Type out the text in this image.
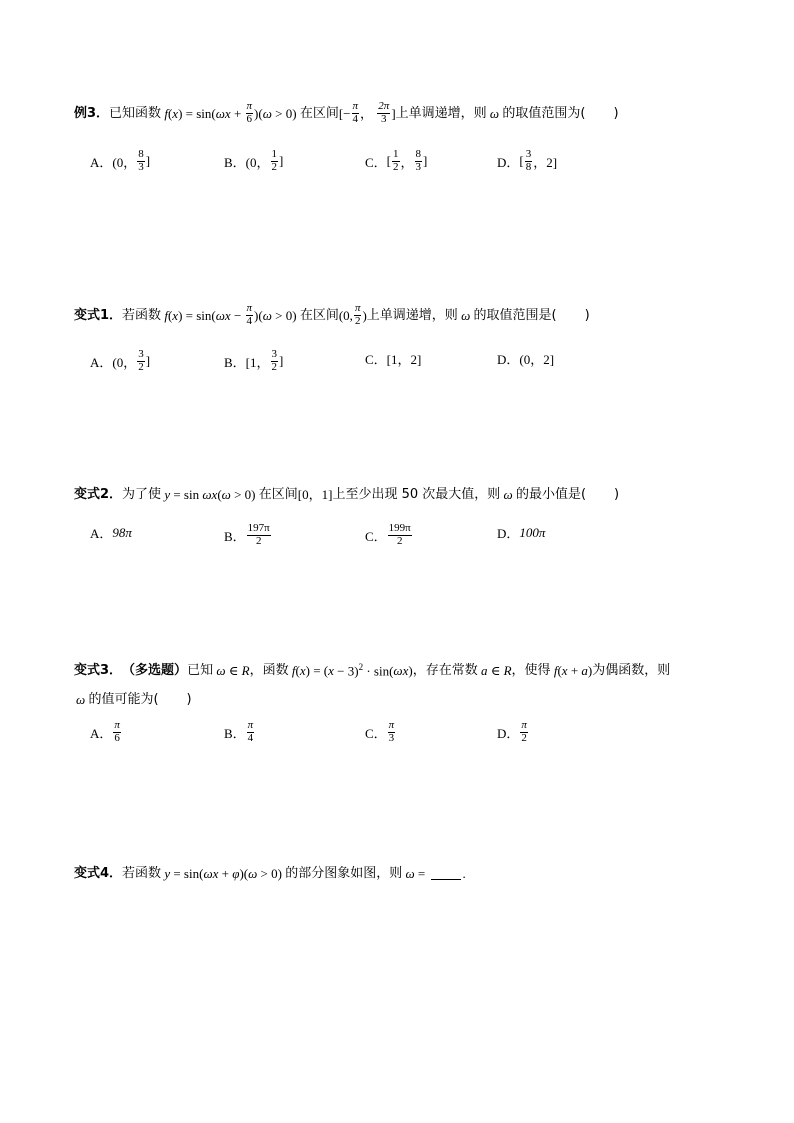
例3． 已知函数 f ( x ) = sin( $\omega x + \frac{\pi}{6}$ )( ω > 0) 在区间 [− $\frac{\pi}{4}$ ， $\frac{2\pi}{3}$ ] 上单调递增，则 ω 的取值范围为( )
A． (0， $\frac{8}{3}$ ]	B． (0， $\frac{1}{2}$ ]	C． [ $\frac{1}{2}$ ， $\frac{8}{3}$ ]	D． [ $\frac{3}{8}$ ，2]
变式1． 若函数 f ( x ) = sin( $\omega x - \frac{\pi}{4}$ )( ω > 0) 在区间 (0, $\frac{\pi}{2}$ ) 上单调递增，则 ω 的取值范围是( )
A． (0， $\frac{3}{2}$ ]	B． [1， $\frac{3}{2}$ ]	C． [1，2]	D． (0，2]
变式2． 为了使 y = sin ωx ( ω > 0) 在区间 [0，1] 上至少出现 50 次最大值，则 ω 的最小值是( )
A． 98π	B． $\frac{197\pi}{2}$	C． $\frac{199\pi}{2}$	D． 100π
变式3． （多选题） 已知 ω ∈ R ，函数 f ( x ) = ( x − 3)$^2$ · sin( ωx ) ，存在常数 a ∈ R ，使得 f ( x + a ) 为偶函数，则
ω 的值可能为( )
A． $\frac{\pi}{6}$	B． $\frac{\pi}{4}$	C． $\frac{\pi}{3}$	D． $\frac{\pi}{2}$
变式4． 若函数 y = sin( ωx + φ )( ω > 0) 的部分图象如图，则 ω =	.
